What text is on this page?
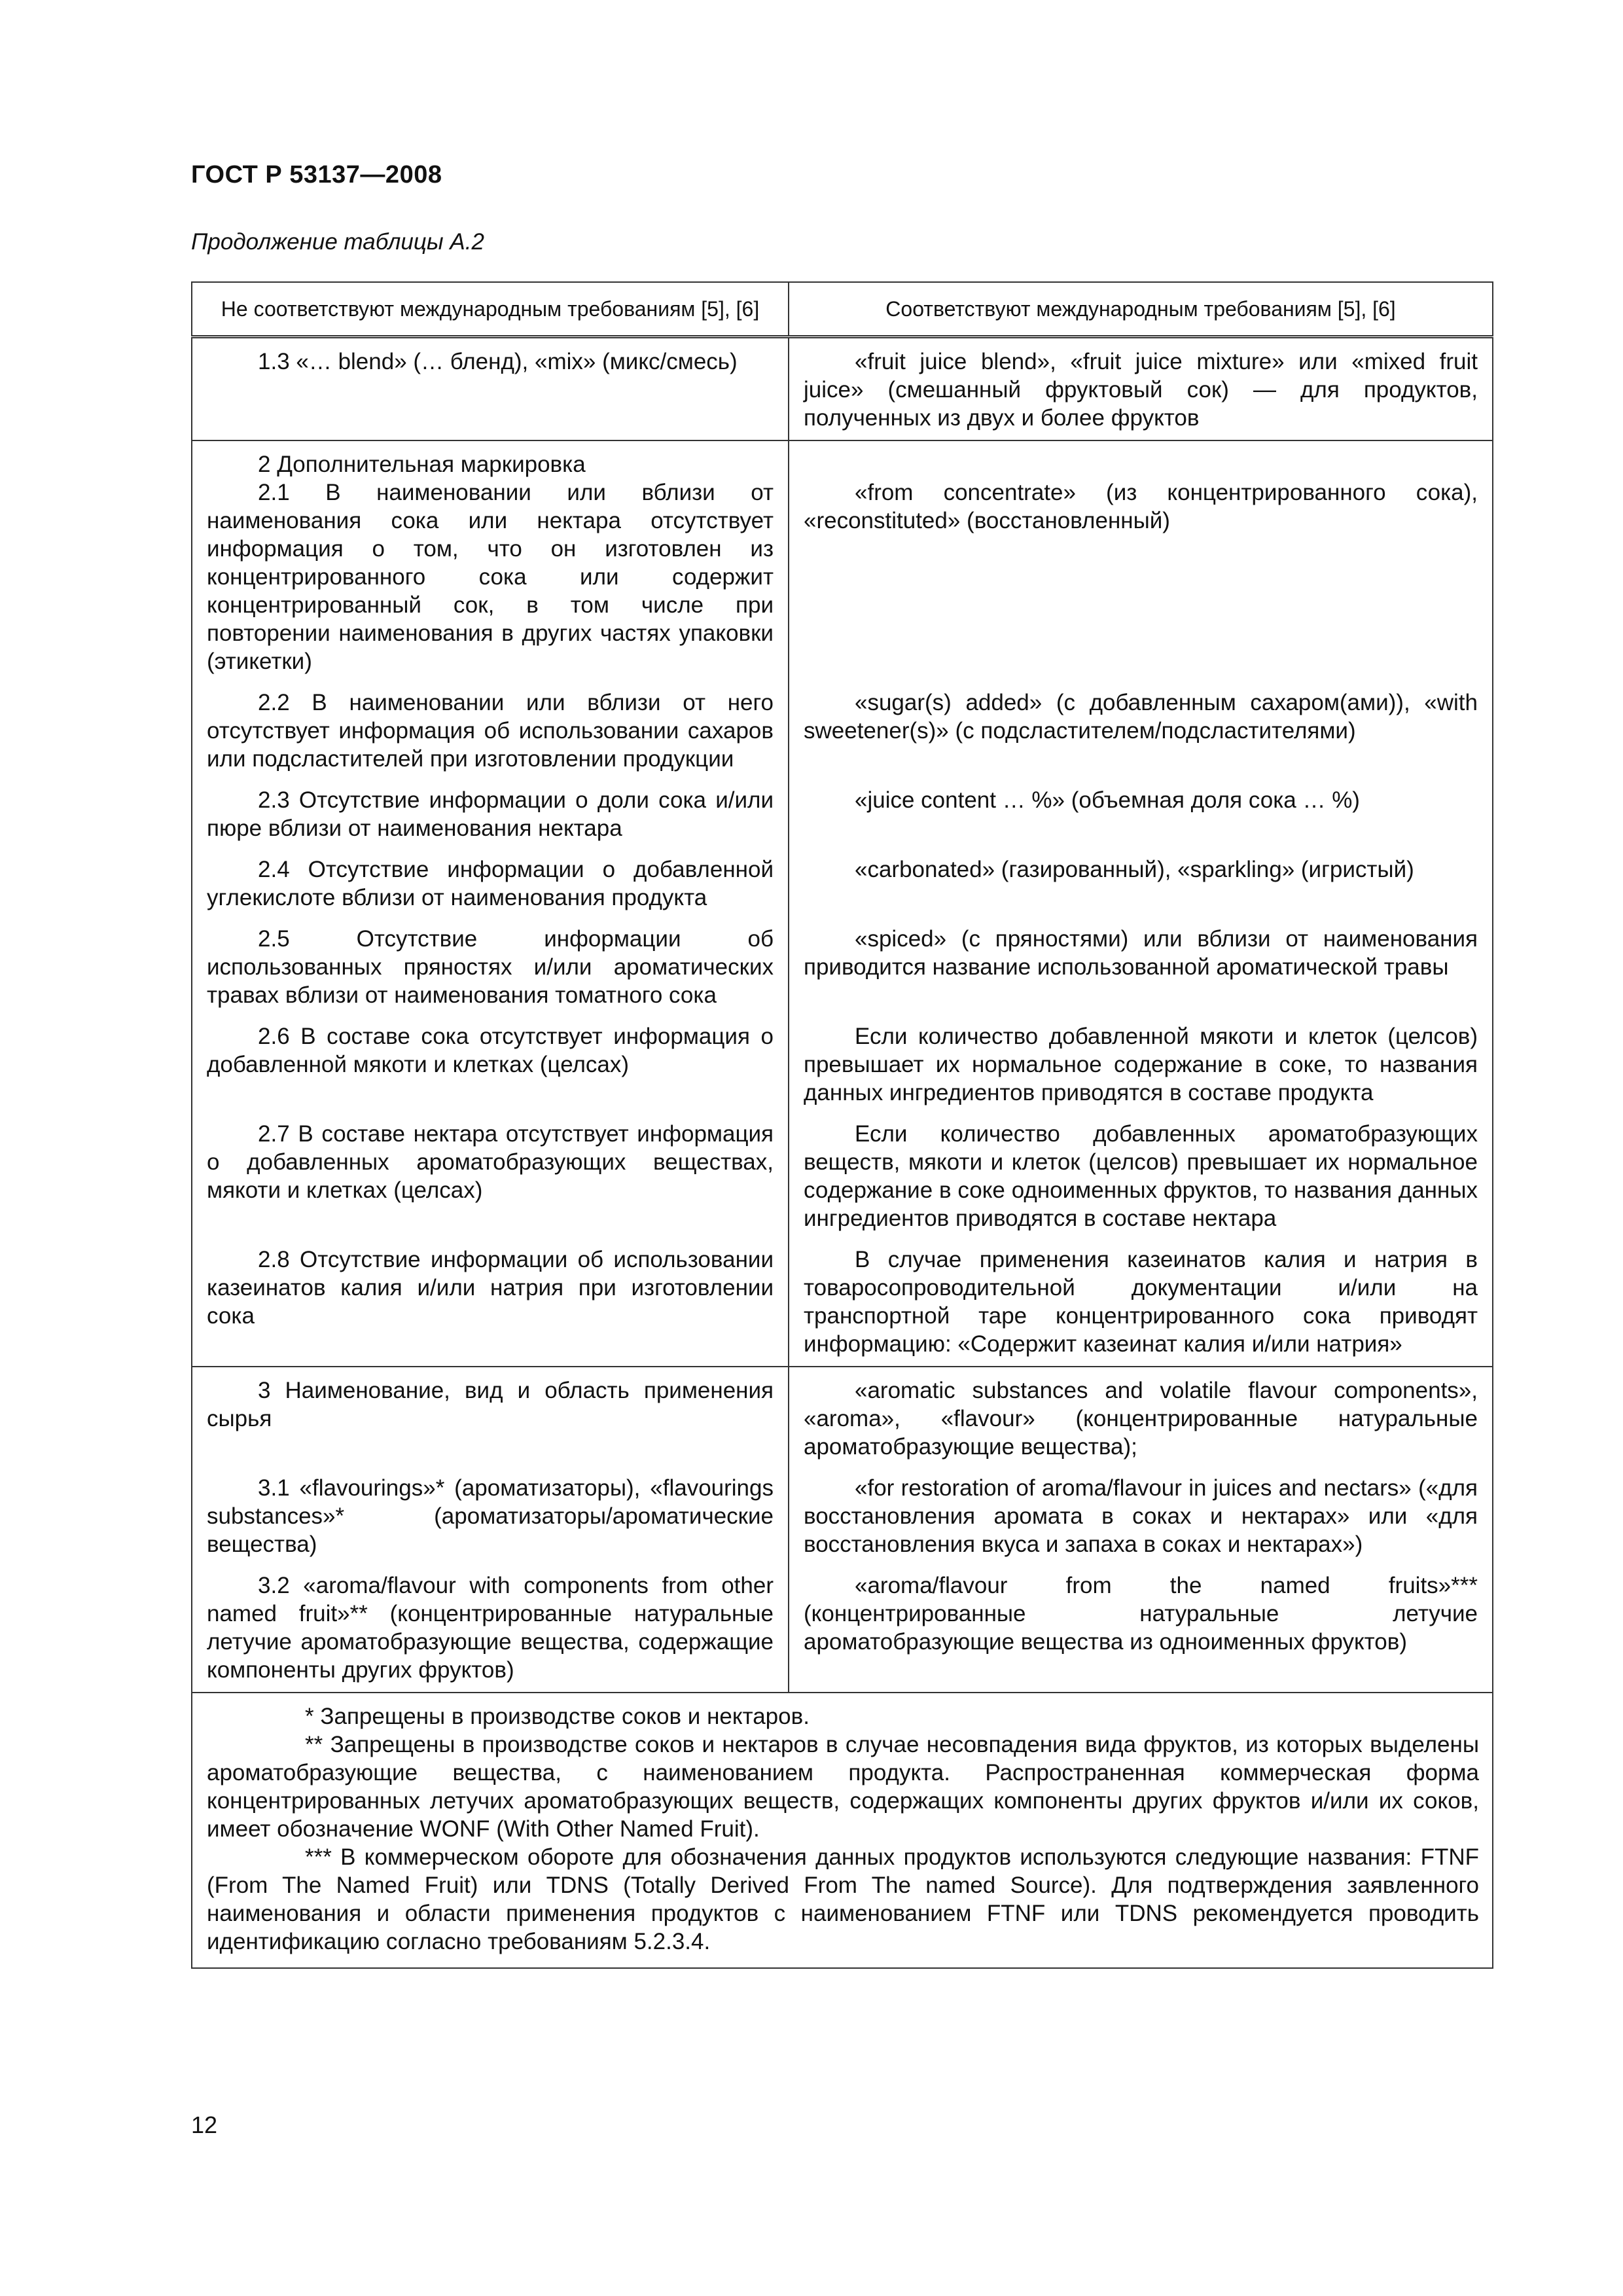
ГОСТ Р 53137—2008
Продолжение таблицы А.2
Не соответствуют международным требованиям [5], [6]	Соответствуют международным требованиям [5], [6]
1.3 «… blend» (… бленд), «mix» (микс/смесь)	«fruit juice blend», «fruit juice mixture» или «mixed fruit juice» (смешанный фруктовый сок) — для продуктов, полученных из двух и более фруктов
2 Дополнительная маркировка	
2.1 В наименовании или вблизи от наименования сока или нектара отсутствует информация о том, что он изготовлен из концентрированного сока или содержит концентрированный сок, в том числе при повторении наименования в других частях упаковки (этикетки)	«from concentrate» (из концентрированного сока), «reconstituted» (восстановленный)
2.2 В наименовании или вблизи от него отсутствует информация об использовании сахаров или подсластителей при изготовлении продукции	«sugar(s) added» (с добавленным сахаром(ами)), «with sweetener(s)» (с подсластителем/подсластителями)
2.3 Отсутствие информации о доли сока и/или пюре вблизи от наименования нектара	«juice content … %» (объемная доля сока … %)
2.4 Отсутствие информации о добавленной углекислоте вблизи от наименования продукта	«carbonated» (газированный), «sparkling» (игристый)
2.5 Отсутствие информации об использованных пряностях и/или ароматических травах вблизи от наименования томатного сока	«spiced» (с пряностями) или вблизи от наименования приводится название использованной ароматической травы
2.6 В составе сока отсутствует информация о добавленной мякоти и клетках (целсах)	Если количество добавленной мякоти и клеток (целсов) превышает их нормальное содержание в соке, то названия данных ингредиентов приводятся в составе продукта
2.7 В составе нектара отсутствует информация о добавленных ароматобразующих веществах, мякоти и клетках (целсах)	Если количество добавленных ароматобразующих веществ, мякоти и клеток (целсов) превышает их нормальное содержание в соке одноименных фруктов, то названия данных ингредиентов приводятся в составе нектара
2.8 Отсутствие информации об использовании казеинатов калия и/или натрия при изготовлении сока	В случае применения казеинатов калия и натрия в товаросопроводительной документации и/или на транспортной таре концентрированного сока приводят информацию: «Содержит казеинат калия и/или натрия»
3 Наименование, вид и область применения сырья	«aromatic substances and volatile flavour components», «aroma», «flavour» (концентрированные натуральные ароматобразующие вещества);
3.1 «flavourings»* (ароматизаторы), «flavourings substances»* (ароматизаторы/ароматические вещества)	«for restoration of aroma/flavour in juices and nectars» («для восстановления аромата в соках и нектарах» или «для восстановления вкуса и запаха в соках и нектарах»)
3.2 «aroma/flavour with components from other named fruit»** (концентрированные натуральные летучие ароматобразующие вещества, содержащие компоненты других фруктов)	«aroma/flavour from the named fruits»*** (концентрированные натуральные летучие ароматобразующие вещества из одноименных фруктов)

* Запрещены в производстве соков и нектаров.

** Запрещены в производстве соков и нектаров в случае несовпадения вида фруктов, из которых выделены ароматобразующие вещества, с наименованием продукта. Распространенная коммерческая форма концентрированных летучих ароматобразующих веществ, содержащих компоненты других фруктов и/или их соков, имеет обозначение WONF (With Other Named Fruit).

*** В коммерческом обороте для обозначения данных продуктов используются следующие названия: FTNF (From The Named Fruit) или TDNS (Totally Derived From The named Source). Для подтверждения заявленного наименования и области применения продуктов с наименованием FTNF или TDNS рекомендуется проводить идентификацию согласно требованиям 5.2.3.4.	

12
